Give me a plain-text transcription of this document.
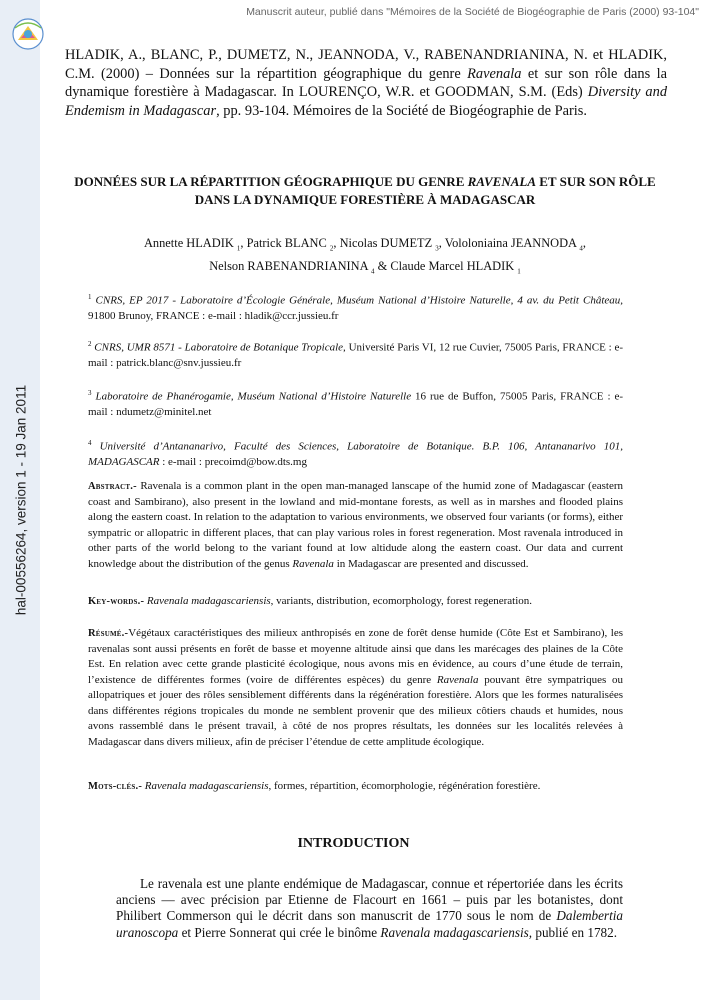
hal-00556264, version 1 - 19 Jan 2011
Manuscrit auteur, publié dans "Mémoires de la Société de Biogéographie de Paris (2000) 93-104"
HLADIK, A., BLANC, P., DUMETZ, N., JEANNODA, V., RABENANDRIANINA, N. et HLADIK, C.M. (2000) – Données sur la répartition géographique du genre Ravenala et sur son rôle dans la dynamique forestière à Madagascar. In LOURENÇO, W.R. et GOODMAN, S.M. (Eds) Diversity and Endemism in Madagascar, pp. 93-104. Mémoires de la Société de Biogéographie de Paris.
DONNÉES SUR LA RÉPARTITION GÉOGRAPHIQUE DU GENRE RAVENALA ET SUR SON RÔLE DANS LA DYNAMIQUE FORESTIÈRE À MADAGASCAR
Annette HLADIK $_1$, Patrick BLANC $_2$, Nicolas DUMETZ $_3$, Vololoniaina JEANNODA $_4$,
Nelson RABENANDRIANINA $_4$ & Claude Marcel HLADIK $_1$
$^1$ CNRS, EP 2017 - Laboratoire d’Écologie Générale, Muséum National d’Histoire Naturelle, 4 av. du Petit Château, 91800 Brunoy, FRANCE : e-mail : hladik@ccr.jussieu.fr
$^2$ CNRS, UMR 8571 - Laboratoire de Botanique Tropicale, Université Paris VI, 12 rue Cuvier, 75005 Paris, FRANCE : e-mail : patrick.blanc@snv.jussieu.fr
$^3$ Laboratoire de Phanérogamie, Muséum National d’Histoire Naturelle 16 rue de Buffon, 75005 Paris, FRANCE : e-mail : ndumetz@minitel.net
$^4$ Université d’Antananarivo, Faculté des Sciences, Laboratoire de Botanique. B.P. 106, Antananarivo 101, MADAGASCAR : e-mail : precoimd@bow.dts.mg
Abstract.- Ravenala is a common plant in the open man-managed lanscape of the humid zone of Madagascar (eastern coast and Sambirano), also present in the lowland and mid-montane forests, as well as in marshes and flooded plains along the eastern coast. In relation to the adaptation to various environments, we observed four variants (or forms), either sympatric or allopatric in different places, that can play various roles in forest regeneration. Most ravenala introduced in other parts of the world belong to the variant found at low altidude along the eastern coast. Our data and current knowledge about the distribution of the genus Ravenala in Madagascar are presented and discussed.
Key-words.- Ravenala madagascariensis, variants, distribution, ecomorphology, forest regeneration.
Résumé.-Végétaux caractéristiques des milieux anthropisés en zone de forêt dense humide (Côte Est et Sambirano), les ravenalas sont aussi présents en forêt de basse et moyenne altitude ainsi que dans les marécages des plaines de la Côte Est. En relation avec cette grande plasticité écologique, nous avons mis en évidence, au cours d’une étude de terrain, l’existence de différentes formes (voire de différentes espèces) du genre Ravenala pouvant être sympatriques ou allopatriques et jouer des rôles sensiblement différents dans la régénération forestière. Alors que les formes naturalisées dans différentes régions tropicales du monde ne semblent provenir que des milieux côtiers chauds et humides, nous avons rassemblé dans le présent travail, à côté de nos propres résultats, les données sur les localités relevées à Madagascar dans divers milieux, afin de préciser l’étendue de cette amplitude écologique.
Mots-clés.- Ravenala madagascariensis, formes, répartition, écomorphologie, régénération forestière.
INTRODUCTION
Le ravenala est une plante endémique de Madagascar, connue et répertoriée dans les écrits anciens — avec précision par Etienne de Flacourt en 1661 – puis par les botanistes, dont Philibert Commerson qui le décrit dans son manuscrit de 1770 sous le nom de Dalembertia uranoscopa et Pierre Sonnerat qui crée le binôme Ravenala madagascariensis, publié en 1782.
